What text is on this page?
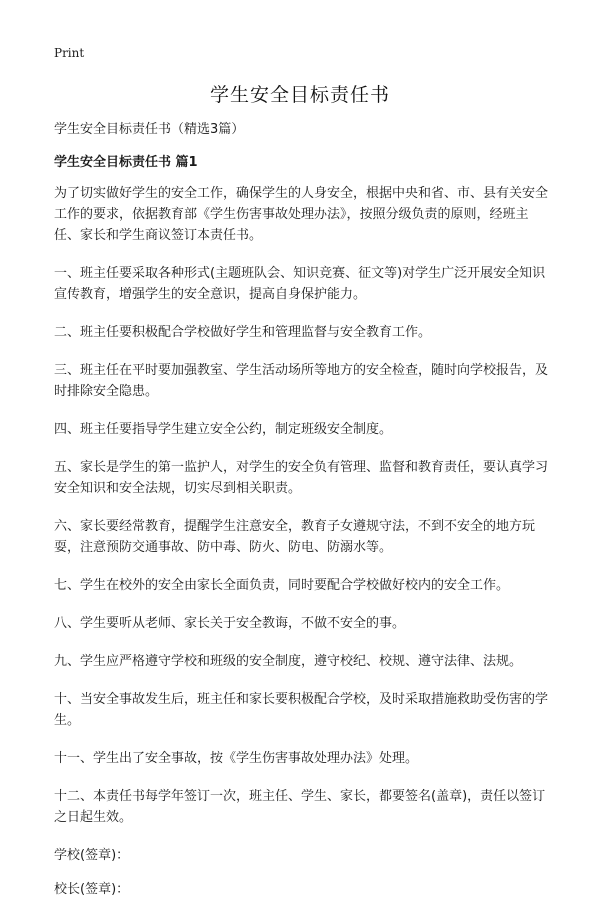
Print
学生安全目标责任书

学生安全目标责任书（精选3篇）

学生安全目标责任书 篇1

为了切实做好学生的安全工作，确保学生的人身安全，根据中央和省、市、县有关安全工作的要求，依据教育部《学生伤害事故处理办法》，按照分级负责的原则，经班主任、家长和学生商议签订本责任书。

一、班主任要采取各种形式(主题班队会、知识竞赛、征文等)对学生广泛开展安全知识宣传教育，增强学生的安全意识，提高自身保护能力。

二、班主任要积极配合学校做好学生和管理监督与安全教育工作。

三、班主任在平时要加强教室、学生活动场所等地方的安全检查，随时向学校报告，及时排除安全隐患。

四、班主任要指导学生建立安全公约，制定班级安全制度。

五、家长是学生的第一监护人，对学生的安全负有管理、监督和教育责任，要认真学习安全知识和安全法规，切实尽到相关职责。

六、家长要经常教育，提醒学生注意安全，教育子女遵规守法，不到不安全的地方玩耍，注意预防交通事故、防中毒、防火、防电、防溺水等。

七、学生在校外的安全由家长全面负责，同时要配合学校做好校内的安全工作。

八、学生要听从老师、家长关于安全教诲，不做不安全的事。

九、学生应严格遵守学校和班级的安全制度，遵守校纪、校规、遵守法律、法规。

十、当安全事故发生后，班主任和家长要积极配合学校，及时采取措施救助受伤害的学生。

十一、学生出了安全事故，按《学生伤害事故处理办法》处理。

十二、本责任书每学年签订一次，班主任、学生、家长，都要签名(盖章)，责任以签订之日起生效。

学校(签章)：

校长(签章)：
